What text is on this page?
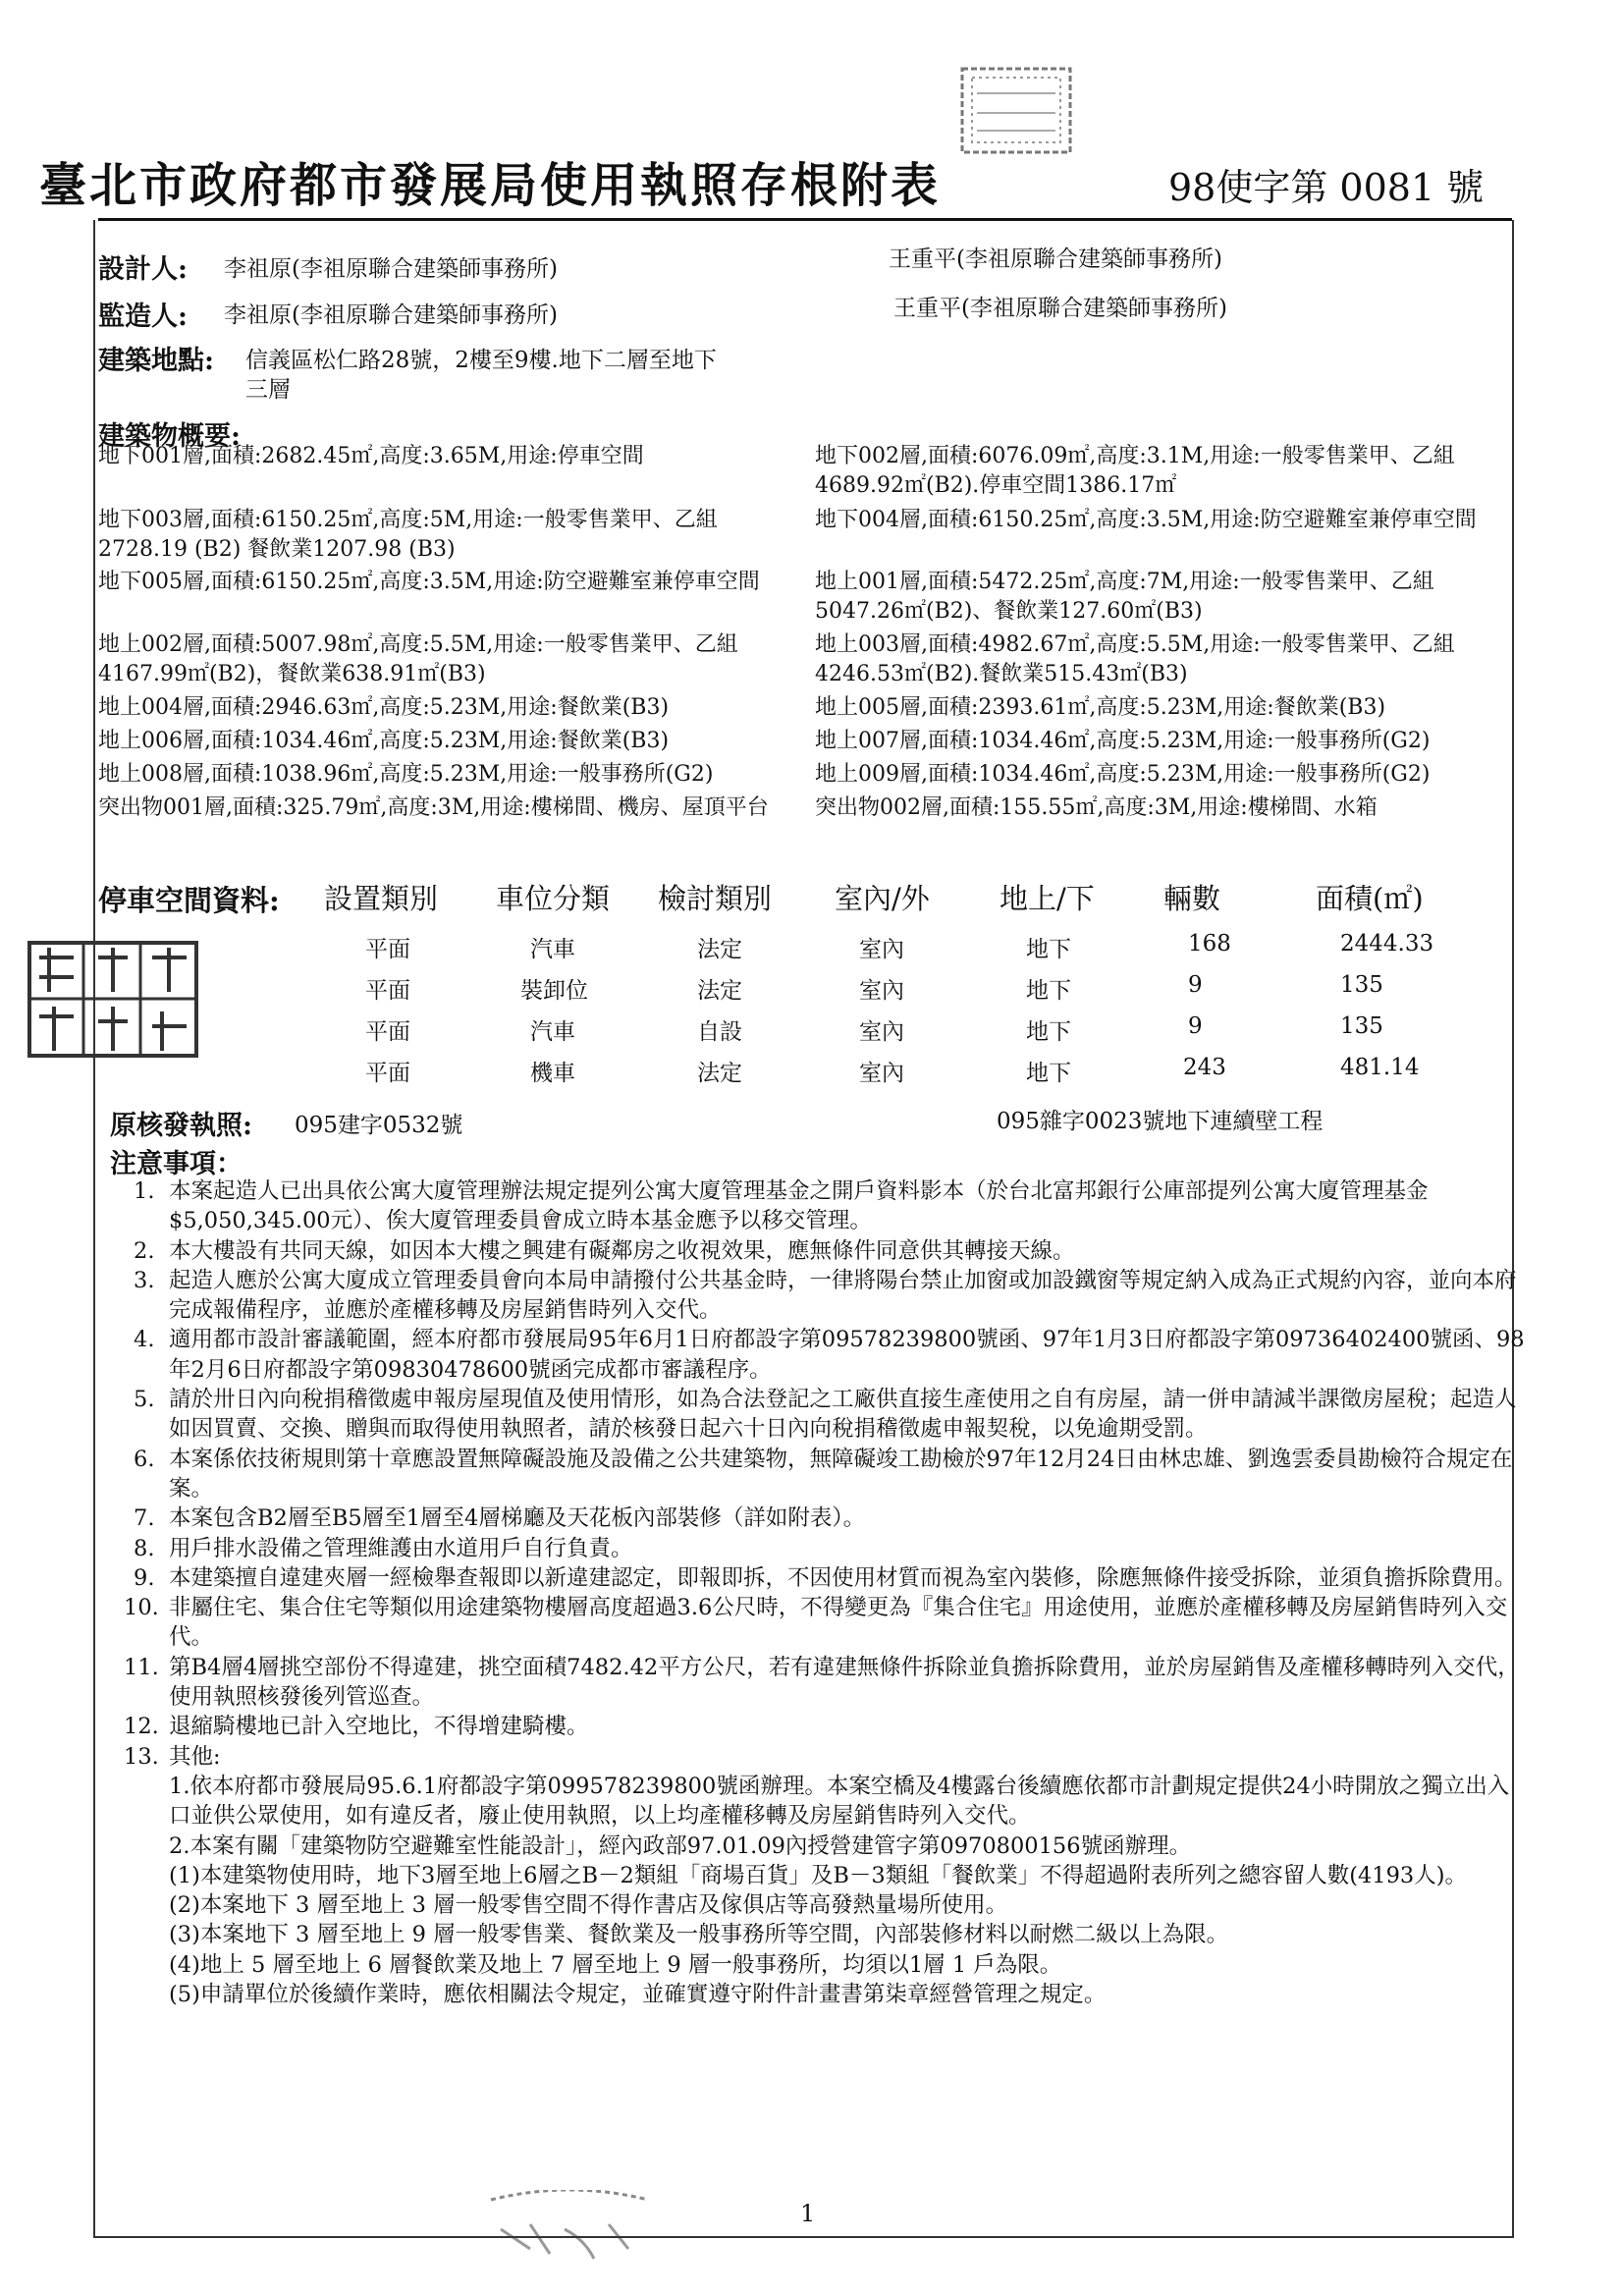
臺北市政府都市發展局使用執照存根附表	98使字第 0081 號
設計人: 李祖原(李祖原聯合建築師事務所)	王重平(李祖原聯合建築師事務所)
監造人: 李祖原(李祖原聯合建築師事務所)	王重平(李祖原聯合建築師事務所)
建築地點: 信義區松仁路28號，2樓至9樓.地下二層至地下
三層
建築物概要:
地下001層,面積:2682.45㎡,高度:3.65M,用途:停車空間	地下002層,面積:6076.09㎡,高度:3.1M,用途:一般零售業甲、乙組4689.92㎡(B2).停車空間1386.17㎡
地下003層,面積:6150.25㎡,高度:5M,用途:一般零售業甲、乙組2728.19 (B2) 餐飲業1207.98 (B3)
地下004層,面積:6150.25㎡,高度:3.5M,用途:防空避難室兼停車空間
地下005層,面積:6150.25㎡,高度:3.5M,用途:防空避難室兼停車空間	地上001層,面積:5472.25㎡,高度:7M,用途:一般零售業甲、乙組5047.26㎡(B2)、餐飲業127.60㎡(B3)
地上002層,面積:5007.98㎡,高度:5.5M,用途:一般零售業甲、乙組4167.99㎡(B2)，餐飲業638.91㎡(B3)
地上003層,面積:4982.67㎡,高度:5.5M,用途:一般零售業甲、乙組4246.53㎡(B2).餐飲業515.43㎡(B3)
地上004層,面積:2946.63㎡,高度:5.23M,用途:餐飲業(B3)	地上005層,面積:2393.61㎡,高度:5.23M,用途:餐飲業(B3)
地上006層,面積:1034.46㎡,高度:5.23M,用途:餐飲業(B3)	地上007層,面積:1034.46㎡,高度:5.23M,用途:一般事務所(G2)
地上008層,面積:1038.96㎡,高度:5.23M,用途:一般事務所(G2)	地上009層,面積:1034.46㎡,高度:5.23M,用途:一般事務所(G2)
突出物001層,面積:325.79㎡,高度:3M,用途:樓梯間、機房、屋頂平台	突出物002層,面積:155.55㎡,高度:3M,用途:樓梯間、水箱
停車空間資料: 設置類別 車位分類 檢討類別 室內/外 地上/下 輛數	面積(㎡)
平面	汽車	法定	室內	地下	168	2444.33
平面	裝卸位	法定	室內	地下	9	135
平面	汽車	自設	室內	地下	9	135
平面	機車	法定	室內	地下	243	481.14
原核發執照: 095建字0532號	095雜字0023號地下連續壁工程
注意事項：
1. 本案起造人已出具依公寓大廈管理辦法規定提列公寓大廈管理基金之開戶資料影本（於台北富邦銀行公庫部提列公寓大廈管理基金$5,050,345.00元）、俟大廈管理委員會成立時本基金應予以移交管理。
2. 本大樓設有共同天線，如因本大樓之興建有礙鄰房之收視效果，應無條件同意供其轉接天線。
3. 起造人應於公寓大廈成立管理委員會向本局申請撥付公共基金時，一律將陽台禁止加窗或加設鐵窗等規定納入成為正式規約內容，並向本府完成報備程序，並應於產權移轉及房屋銷售時列入交代。
4. 適用都市設計審議範圍，經本府都市發展局95年6月1日府都設字第09578239800號函、97年1月3日府都設字第09736402400號函、98年2月6日府都設字第09830478600號函完成都市審議程序。
5. 請於卅日內向稅捐稽徵處申報房屋現值及使用情形，如為合法登記之工廠供直接生產使用之自有房屋，請一併申請減半課徵房屋稅；起造人如因買賣、交換、贈與而取得使用執照者，請於核發日起六十日內向稅捐稽徵處申報契稅，以免逾期受罰。
6. 本案係依技術規則第十章應設置無障礙設施及設備之公共建築物，無障礙竣工勘檢於97年12月24日由林忠雄、劉逸雲委員勘檢符合規定在案。
7. 本案包含B2層至B5層至1層至4層梯廳及天花板內部裝修（詳如附表）。
8. 用戶排水設備之管理維護由水道用戶自行負責。
9. 本建築擅自違建夾層一經檢舉查報即以新違建認定，即報即拆，不因使用材質而視為室內裝修，除應無條件接受拆除，並須負擔拆除費用。
10. 非屬住宅、集合住宅等類似用途建築物樓層高度超過3.6公尺時，不得變更為『集合住宅』用途使用，並應於產權移轉及房屋銷售時列入交代。
11. 第B4層4層挑空部份不得違建，挑空面積7482.42平方公尺，若有違建無條件拆除並負擔拆除費用，並於房屋銷售及產權移轉時列入交代，使用執照核發後列管巡查。
12. 退縮騎樓地已計入空地比，不得增建騎樓。
13. 其他:
1.依本府都市發展局95.6.1府都設字第099578239800號函辦理。本案空橋及4樓露台後續應依都市計劃規定提供24小時開放之獨立出入口並供公眾使用，如有違反者，廢止使用執照，以上均產權移轉及房屋銷售時列入交代。
2.本案有關「建築物防空避難室性能設計」，經內政部97.01.09內授營建管字第0970800156號函辦理。
(1)本建築物使用時，地下3層至地上6層之B－2類組「商場百貨」及B－3類組「餐飲業」不得超過附表所列之總容留人數(4193人)。
(2)本案地下 3 層至地上 3 層一般零售空間不得作書店及傢俱店等高發熱量場所使用。
(3)本案地下 3 層至地上 9 層一般零售業、餐飲業及一般事務所等空間，內部裝修材料以耐燃二級以上為限。
(4)地上 5 層至地上 6 層餐飲業及地上 7 層至地上 9 層一般事務所，均須以1層 1 戶為限。
(5)申請單位於後續作業時，應依相關法令規定，並確實遵守附件計畫書第柒章經營管理之規定。
1
